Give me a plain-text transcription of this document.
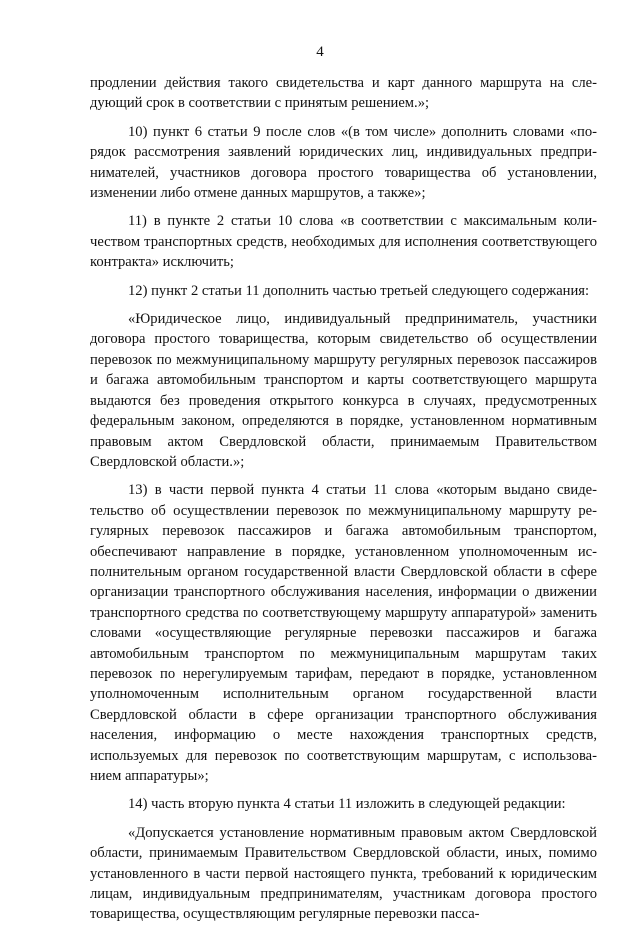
4

продлении действия такого свидетельства и карт данного маршрута на следующий срок в соответствии с принятым решением.»;

10) пункт 6 статьи 9 после слов «(в том числе» дополнить словами «порядок рассмотрения заявлений юридических лиц, индивидуальных предпринимателей, участников договора простого товарищества об установлении, изменении либо отмене данных маршрутов, а также»;

11) в пункте 2 статьи 10 слова «в соответствии с максимальным количеством транспортных средств, необходимых для исполнения соответствующего контракта» исключить;

12) пункт 2 статьи 11 дополнить частью третьей следующего содержания:

«Юридическое лицо, индивидуальный предприниматель, участники договора простого товарищества, которым свидетельство об осуществлении перевозок по межмуниципальному маршруту регулярных перевозок пассажиров и багажа автомобильным транспортом и карты соответствующего маршрута выдаются без проведения открытого конкурса в случаях, предусмотренных федеральным законом, определяются в порядке, установленном нормативным правовым актом Свердловской области, принимаемым Правительством Свердловской области.»;

13) в части первой пункта 4 статьи 11 слова «которым выдано свидетельство об осуществлении перевозок по межмуниципальному маршруту регулярных перевозок пассажиров и багажа автомобильным транспортом, обеспечивают направление в порядке, установленном уполномоченным исполнительным органом государственной власти Свердловской области в сфере организации транспортного обслуживания населения, информации о движении транспортного средства по соответствующему маршруту аппаратурой» заменить словами «осуществляющие регулярные перевозки пассажиров и багажа автомобильным транспортом по межмуниципальным маршрутам таких перевозок по нерегулируемым тарифам, передают в порядке, установленном уполномоченным исполнительным органом государственной власти Свердловской области в сфере организации транспортного обслуживания населения, информацию о месте нахождения транспортных средств, используемых для перевозок по соответствующим маршрутам, с использованием аппаратуры»;

14) часть вторую пункта 4 статьи 11 изложить в следующей редакции:

«Допускается установление нормативным правовым актом Свердловской области, принимаемым Правительством Свердловской области, иных, помимо установленного в части первой настоящего пункта, требований к юридическим лицам, индивидуальным предпринимателям, участникам договора простого товарищества, осуществляющим регулярные перевозки пасса-
